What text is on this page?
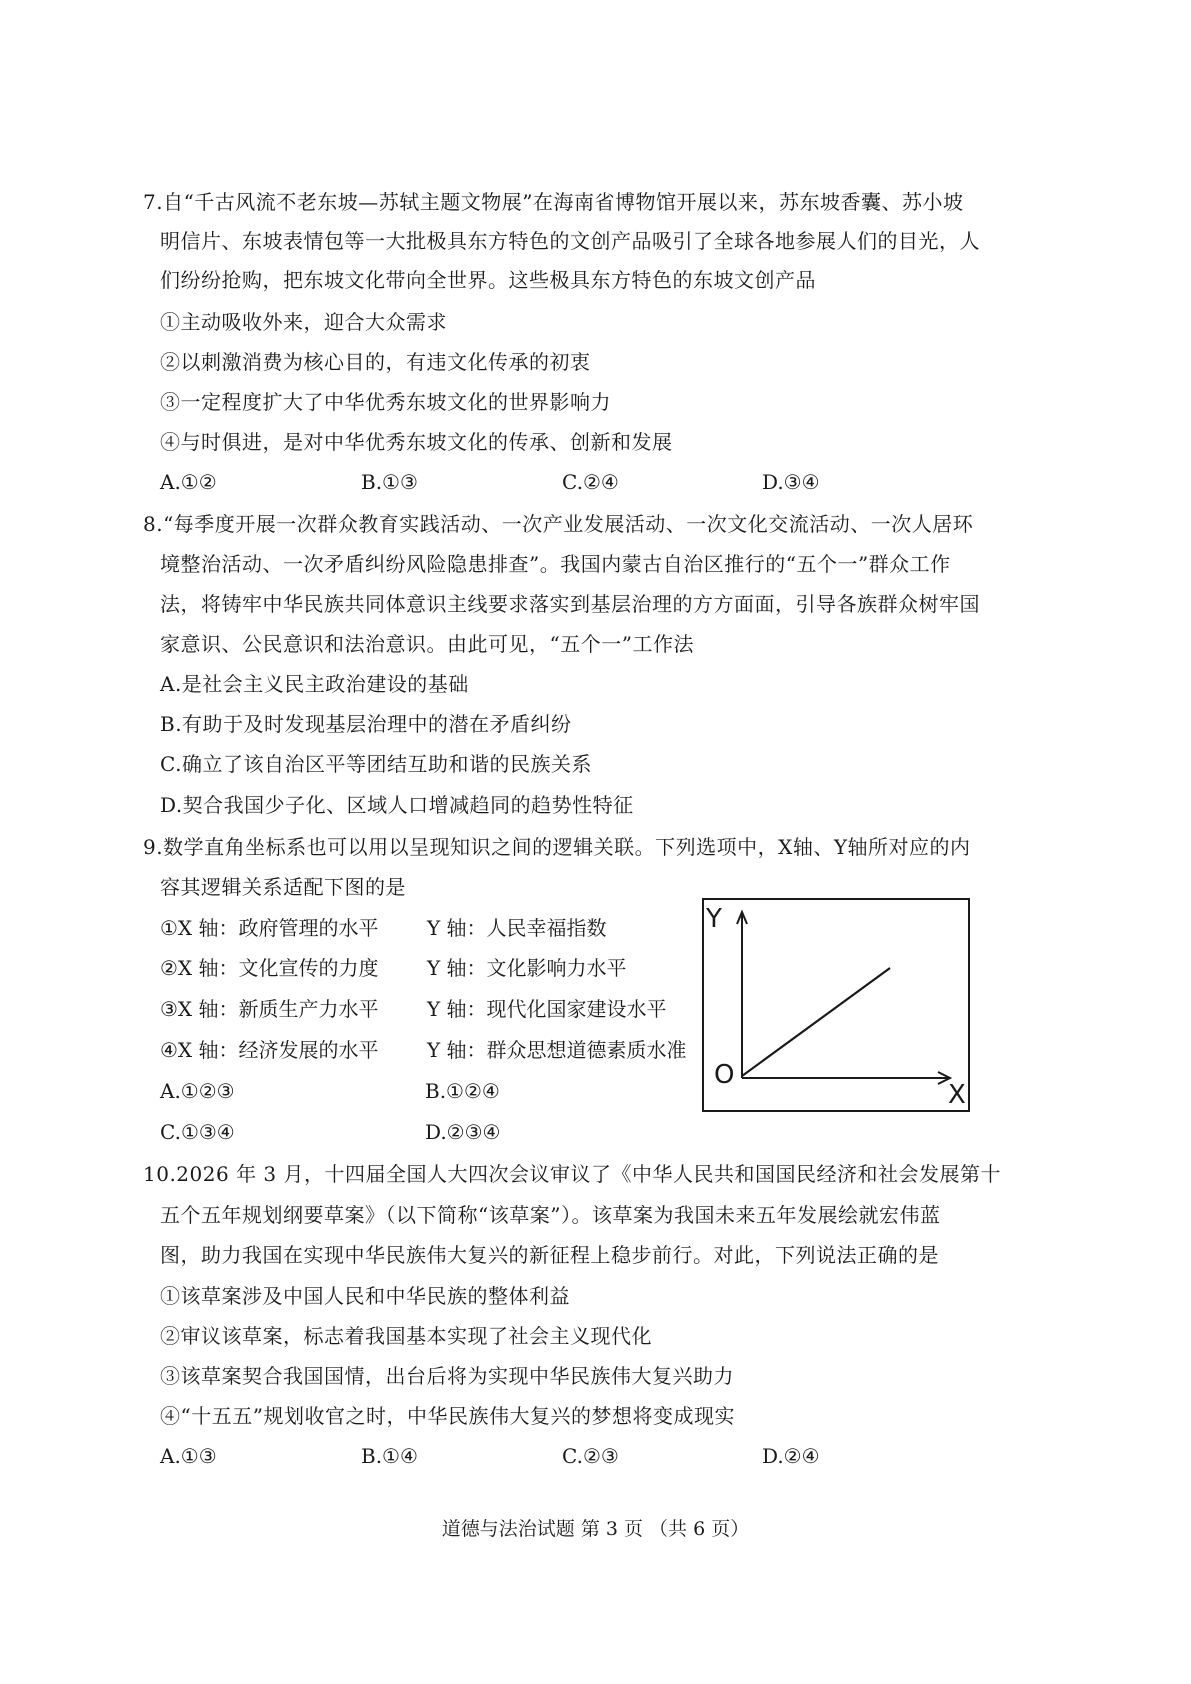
7.自“千古风流不老东坡—苏轼主题文物展”在海南省博物馆开展以来，苏东坡香囊、苏小坡
明信片、东坡表情包等一大批极具东方特色的文创产品吸引了全球各地参展人们的目光，人
们纷纷抢购，把东坡文化带向全世界。这些极具东方特色的东坡文创产品
①主动吸收外来，迎合大众需求
②以刺激消费为核心目的，有违文化传承的初衷
③一定程度扩大了中华优秀东坡文化的世界影响力
④与时俱进，是对中华优秀东坡文化的传承、创新和发展
A.①②	B.①③	C.②④	D.③④
8.“每季度开展一次群众教育实践活动、一次产业发展活动、一次文化交流活动、一次人居环
境整治活动、一次矛盾纠纷风险隐患排查”。我国内蒙古自治区推行的“五个一”群众工作
法，将铸牢中华民族共同体意识主线要求落实到基层治理的方方面面，引导各族群众树牢国
家意识、公民意识和法治意识。由此可见，“五个一”工作法
A.是社会主义民主政治建设的基础
B.有助于及时发现基层治理中的潜在矛盾纠纷
C.确立了该自治区平等团结互助和谐的民族关系
D.契合我国少子化、区域人口增减趋同的趋势性特征
9.数学直角坐标系也可以用以呈现知识之间的逻辑关联。下列选项中，X轴、Y轴所对应的内
容其逻辑关系适配下图的是
①X 轴：政府管理的水平 Y 轴：人民幸福指数
②X 轴：文化宣传的力度 Y 轴：文化影响力水平
③X 轴：新质生产力水平 Y 轴：现代化国家建设水平
④X 轴：经济发展的水平 Y 轴：群众思想道德素质水准
A.①②③	B.①②④
C.①③④	D.②③④
Y
X
O
10.2026 年 3 月，十四届全国人大四次会议审议了《中华人民共和国国民经济和社会发展第十
五个五年规划纲要草案》（以下简称“该草案”）。该草案为我国未来五年发展绘就宏伟蓝
图，助力我国在实现中华民族伟大复兴的新征程上稳步前行。对此，下列说法正确的是
①该草案涉及中国人民和中华民族的整体利益
②审议该草案，标志着我国基本实现了社会主义现代化
③该草案契合我国国情，出台后将为实现中华民族伟大复兴助力
④“十五五”规划收官之时，中华民族伟大复兴的梦想将变成现实
A.①③	B.①④	C.②③	D.②④
道德与法治试题 第 3 页 （共 6 页）
